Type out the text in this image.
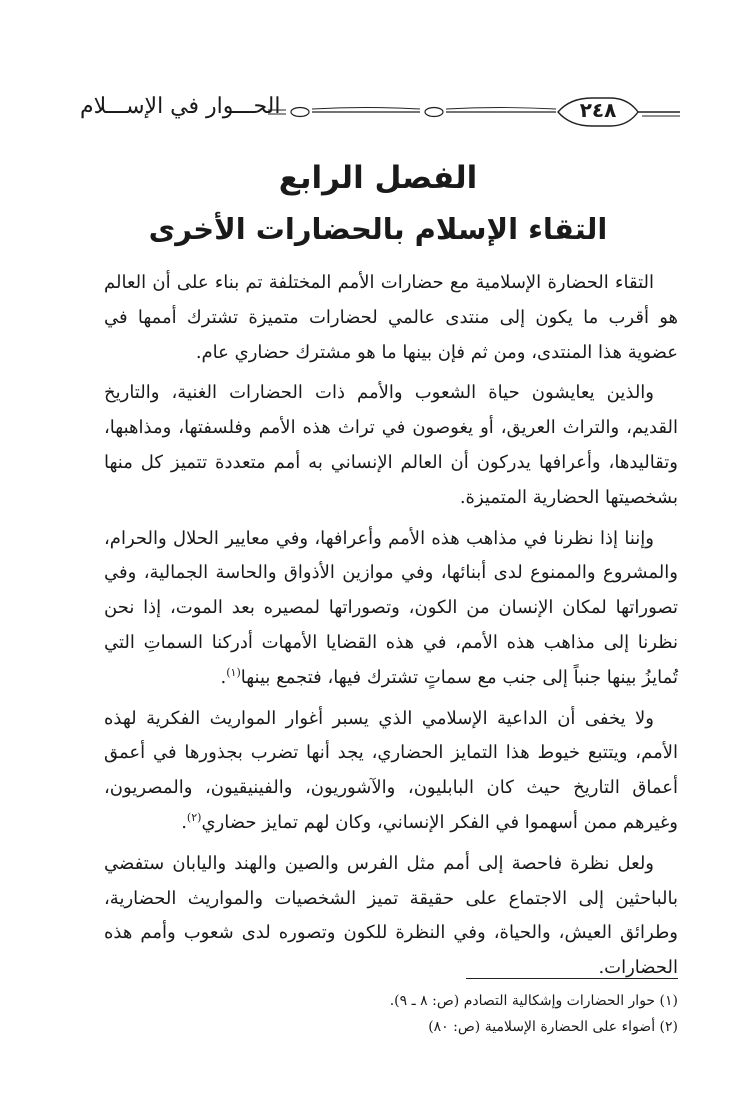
الحـــوار في الإســـلام	٢٤٨
الفصل الرابع
التقاء الإسلام بالحضارات الأخرى

التقاء الحضارة الإسلامية مع حضارات الأمم المختلفة تم بناء على أن العالم هو أقرب ما يكون إلى منتدى عالمي لحضارات متميزة تشترك أممها في عضوية هذا المنتدى، ومن ثم فإن بينها ما هو مشترك حضاري عام.

والذين يعايشون حياة الشعوب والأمم ذات الحضارات الغنية، والتاريخ القديم، والتراث العريق، أو يغوصون في تراث هذه الأمم وفلسفتها، ومذاهبها، وتقاليدها، وأعرافها يدركون أن العالم الإنساني به أمم متعددة تتميز كل منها بشخصيتها الحضارية المتميزة.

وإننا إذا نظرنا في مذاهب هذه الأمم وأعرافها، وفي معايير الحلال والحرام، والمشروع والممنوع لدى أبنائها، وفي موازين الأذواق والحاسة الجمالية، وفي تصوراتها لمكان الإنسان من الكون، وتصوراتها لمصيره بعد الموت، إذا نحن نظرنا إلى مذاهب هذه الأمم، في هذه القضايا الأمهات أدركنا السماتِ التي تُمايزُ بينها جنباً إلى جنب مع سماتٍ تشترك فيها، فتجمع بينها$^{(١)}$.

ولا يخفى أن الداعية الإسلامي الذي يسبر أغوار المواريث الفكرية لهذه الأمم، ويتتبع خيوط هذا التمايز الحضاري، يجد أنها تضرب بجذورها في أعمق أعماق التاريخ حيث كان البابليون، والآشوريون، والفينيقيون، والمصريون، وغيرهم ممن أسهموا في الفكر الإنساني، وكان لهم تمايز حضاري$^{(٢)}$.

ولعل نظرة فاحصة إلى أمم مثل الفرس والصين والهند واليابان ستفضي بالباحثين إلى الاجتماع على حقيقة تميز الشخصيات والمواريث الحضارية، وطرائق العيش، والحياة، وفي النظرة للكون وتصوره لدى شعوب وأمم هذه الحضارات.

(١) حوار الحضارات وإشكالية التصادم (ص: ٨ ـ ٩).
(٢) أضواء على الحضارة الإسلامية (ص: ٨٠)
